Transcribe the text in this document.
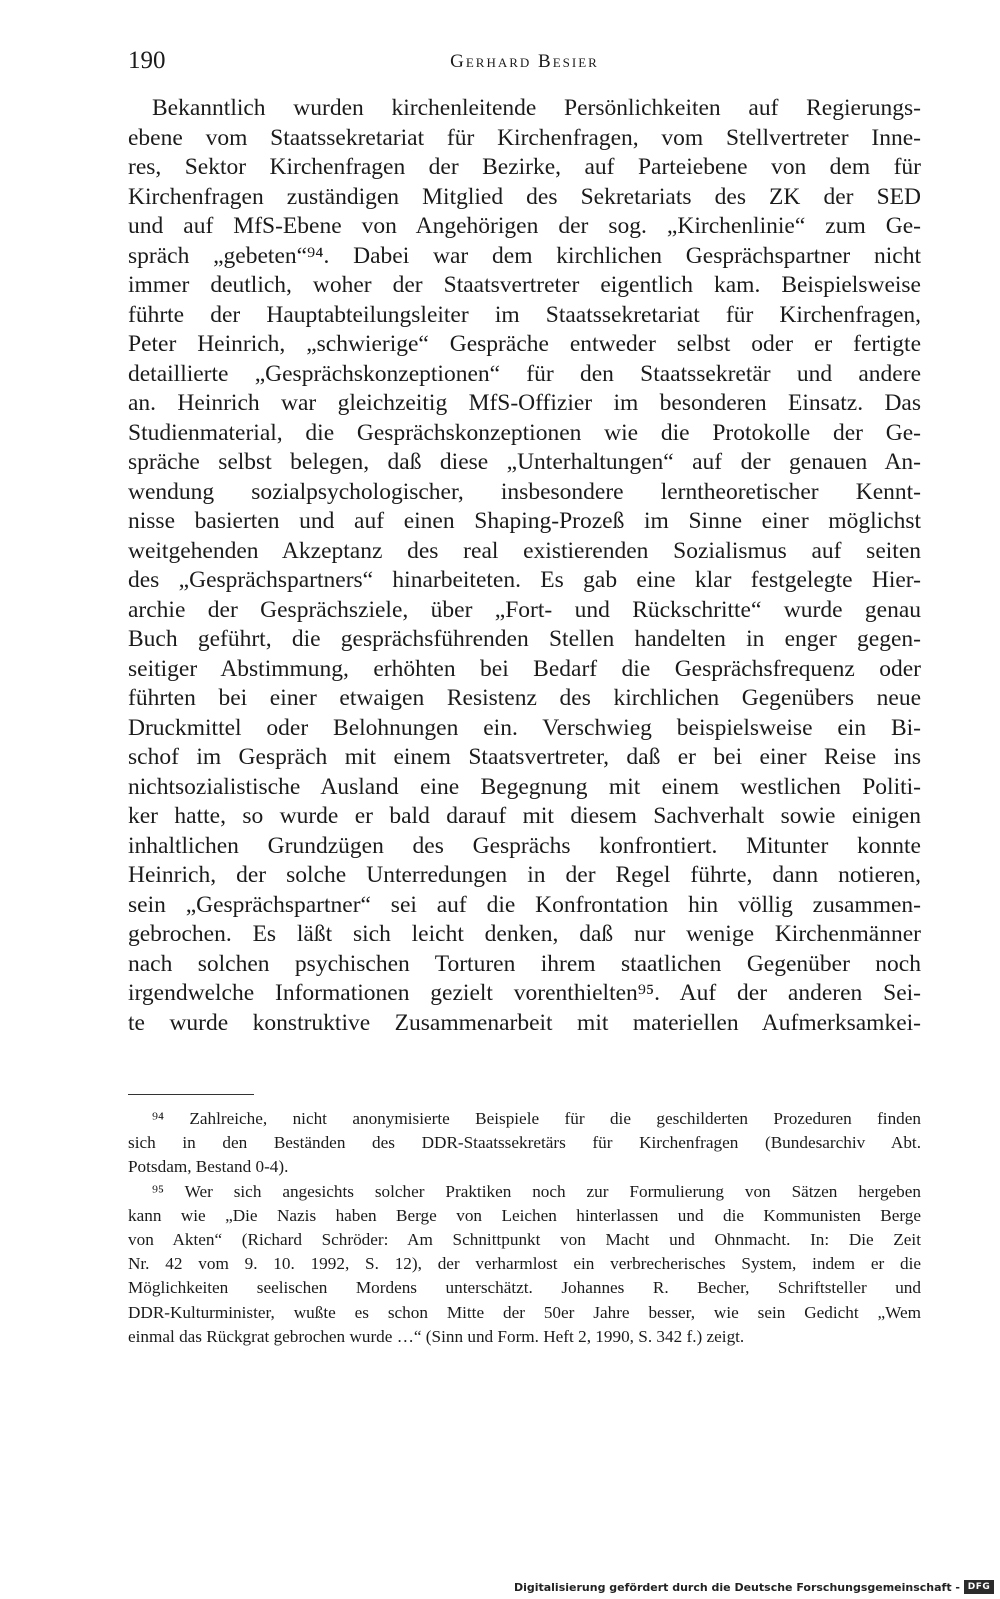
190	Gerhard Besier
Bekanntlich wurden kirchenleitende Persönlichkeiten auf Regierungs-
ebene vom Staatssekretariat für Kirchenfragen, vom Stellvertreter Inne-
res, Sektor Kirchenfragen der Bezirke, auf Parteiebene von dem für
Kirchenfragen zuständigen Mitglied des Sekretariats des ZK der SED
und auf MfS-Ebene von Angehörigen der sog. „Kirchenlinie“ zum Ge-
spräch „gebeten“⁹⁴. Dabei war dem kirchlichen Gesprächspartner nicht
immer deutlich, woher der Staatsvertreter eigentlich kam. Beispielsweise
führte der Hauptabteilungsleiter im Staatssekretariat für Kirchenfragen,
Peter Heinrich, „schwierige“ Gespräche entweder selbst oder er fertigte
detaillierte „Gesprächskonzeptionen“ für den Staatssekretär und andere
an. Heinrich war gleichzeitig MfS-Offizier im besonderen Einsatz. Das
Studienmaterial, die Gesprächskonzeptionen wie die Protokolle der Ge-
spräche selbst belegen, daß diese „Unterhaltungen“ auf der genauen An-
wendung sozialpsychologischer, insbesondere lerntheoretischer Kennt-
nisse basierten und auf einen Shaping-Prozeß im Sinne einer möglichst
weitgehenden Akzeptanz des real existierenden Sozialismus auf seiten
des „Gesprächspartners“ hinarbeiteten. Es gab eine klar festgelegte Hier-
archie der Gesprächsziele, über „Fort- und Rückschritte“ wurde genau
Buch geführt, die gesprächsführenden Stellen handelten in enger gegen-
seitiger Abstimmung, erhöhten bei Bedarf die Gesprächsfrequenz oder
führten bei einer etwaigen Resistenz des kirchlichen Gegenübers neue
Druckmittel oder Belohnungen ein. Verschwieg beispielsweise ein Bi-
schof im Gespräch mit einem Staatsvertreter, daß er bei einer Reise ins
nichtsozialistische Ausland eine Begegnung mit einem westlichen Politi-
ker hatte, so wurde er bald darauf mit diesem Sachverhalt sowie einigen
inhaltlichen Grundzügen des Gesprächs konfrontiert. Mitunter konnte
Heinrich, der solche Unterredungen in der Regel führte, dann notieren,
sein „Gesprächspartner“ sei auf die Konfrontation hin völlig zusammen-
gebrochen. Es läßt sich leicht denken, daß nur wenige Kirchenmänner
nach solchen psychischen Torturen ihrem staatlichen Gegenüber noch
irgendwelche Informationen gezielt vorenthielten⁹⁵. Auf der anderen Sei-
te wurde konstruktive Zusammenarbeit mit materiellen Aufmerksamkei-
⁹⁴ Zahlreiche, nicht anonymisierte Beispiele für die geschilderten Prozeduren finden
sich in den Beständen des DDR-Staatssekretärs für Kirchenfragen (Bundesarchiv Abt.
Potsdam, Bestand 0-4).
⁹⁵ Wer sich angesichts solcher Praktiken noch zur Formulierung von Sätzen hergeben
kann wie „Die Nazis haben Berge von Leichen hinterlassen und die Kommunisten Berge
von Akten“ (Richard Schröder: Am Schnittpunkt von Macht und Ohnmacht. In: Die Zeit
Nr. 42 vom 9. 10. 1992, S. 12), der verharmlost ein verbrecherisches System, indem er die
Möglichkeiten seelischen Mordens unterschätzt. Johannes R. Becher, Schriftsteller und
DDR-Kulturminister, wußte es schon Mitte der 50er Jahre besser, wie sein Gedicht „Wem
einmal das Rückgrat gebrochen wurde …“ (Sinn und Form. Heft 2, 1990, S. 342 f.) zeigt.
Digitalisierung gefördert durch die Deutsche Forschungsgemeinschaft - DFG
